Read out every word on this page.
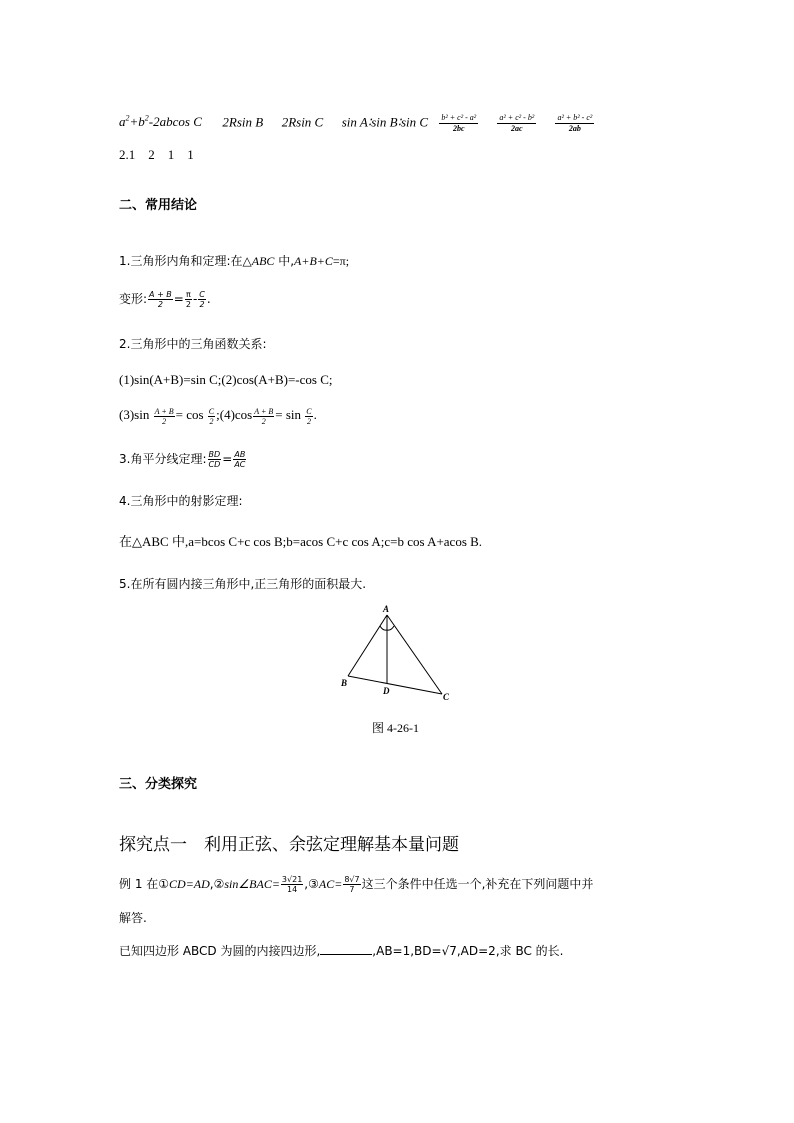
$a^2+b^2-2abcos$ C 2Rsin B 2Rsin C sin A∶sin B∶sin C $\frac{\text{b² + c² - a²}}{2bc}$
$\frac{\text{a² + c² - b²}}{2ac}$
$\frac{\text{a² + b² - c²}}{2ab}$
2.1    2    1    1
二、常用结论
1.三角形内角和定理:在△ABC 中,A+B+C=π;
变形: $\frac{A + B}{2} = \frac{\pi}{2} - \frac{C}{2}$ .
2.三角形中的三角函数关系:
(1)sin(A+B)=sin C;(2)cos(A+B)=-cos C;
$(3)\sin \frac{A + B}{2} = \cos \frac{C}{2}$ ;(4)cos $\frac{A + B}{2} = \sin \frac{C}{2}$ .
3.角平分线定理: $\frac{BD}{CD} = \frac{AB}{AC}$
4.三角形中的射影定理:
在△ABC 中,a=bcos C+c cos B;b=acos C+c cos A;c=b cos A+acos B.
5.在所有圆内接三角形中,正三角形的面积最大.
A
B
C
D
图 4-26-1
三、分类探究
探究点一　利用正弦、余弦定理解基本量问题
例 1 在①CD=AD,②sin∠BAC= $\frac{3√21}{14}$ ,③AC= $\frac{8√7}{7}$ 这三个条件中任选一个,补充在下列问题中并
解答.
已知四边形 ABCD 为圆的内接四边形,	,AB=1,BD=√7,AD=2,求 BC 的长.
